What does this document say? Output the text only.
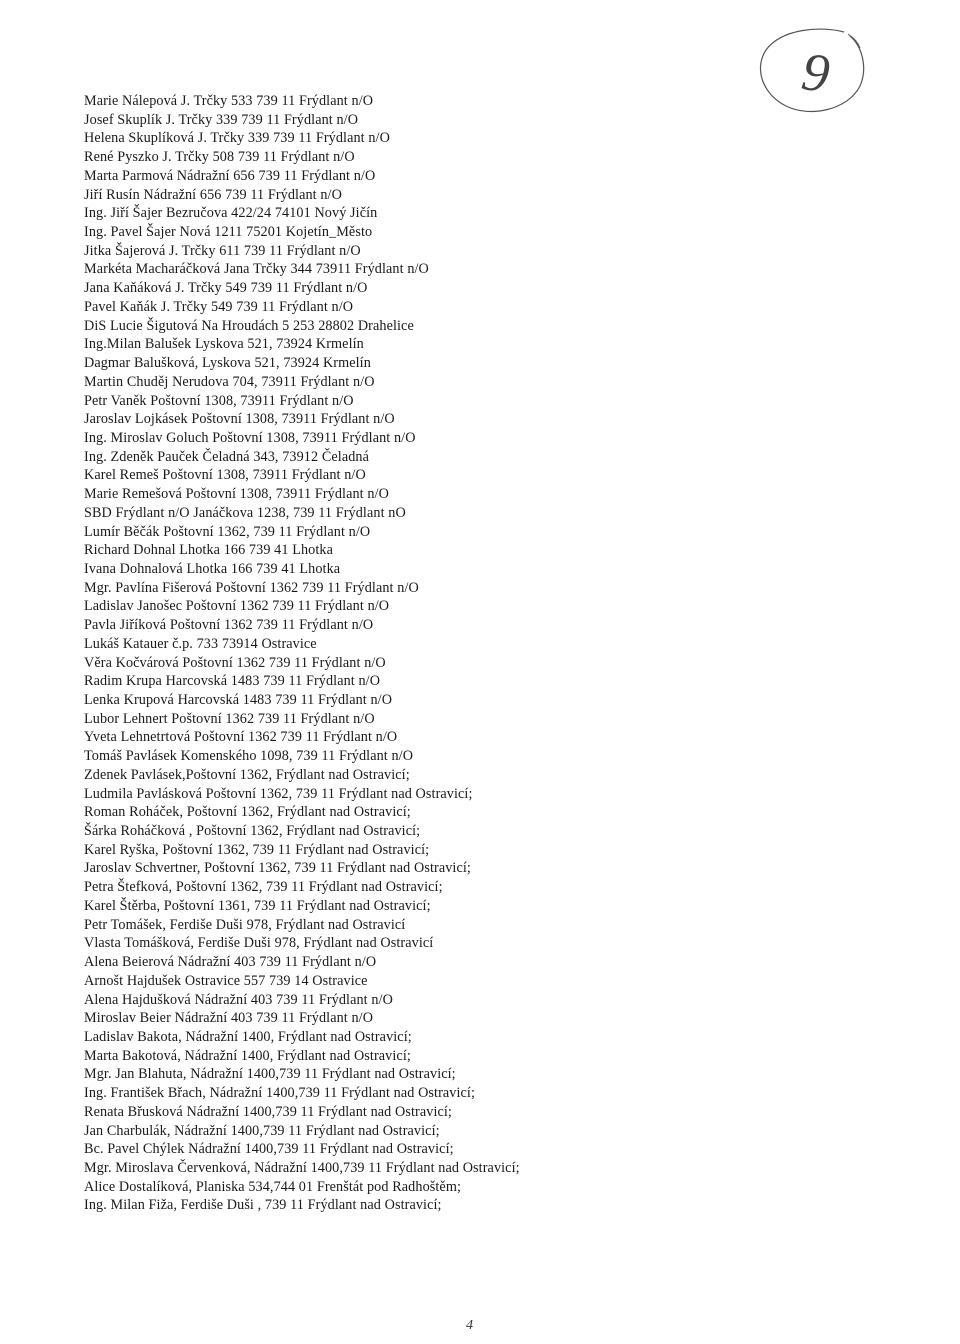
9
Marie Nálepová J. Trčky 533 739 11 Frýdlant n/O
Josef Skuplík J. Trčky 339 739 11 Frýdlant n/O
Helena Skuplíková J. Trčky 339 739 11 Frýdlant n/O
René Pyszko J. Trčky 508 739 11 Frýdlant n/O
Marta Parmová Nádražní 656 739 11 Frýdlant n/O
Jiří Rusín Nádražní 656 739 11 Frýdlant n/O
Ing. Jiří Šajer Bezručova 422/24 74101 Nový Jičín
Ing. Pavel Šajer Nová 1211 75201 Kojetín_Město
Jitka Šajerová J. Trčky 611 739 11 Frýdlant n/O
Markéta Macharáčková Jana Trčky 344 73911 Frýdlant n/O
Jana Kaňáková J. Trčky 549 739 11 Frýdlant n/O
Pavel Kaňák J. Trčky 549 739 11 Frýdlant n/O
DiS Lucie Šigutová Na Hroudách 5 253 28802 Drahelice
Ing.Milan Balušek Lyskova 521, 73924 Krmelín
Dagmar Balušková, Lyskova 521, 73924 Krmelín
Martin Chuděj Nerudova 704, 73911 Frýdlant n/O
Petr Vaněk Poštovní 1308, 73911 Frýdlant n/O
Jaroslav Lojkásek Poštovní 1308, 73911 Frýdlant n/O
Ing. Miroslav Goluch Poštovní 1308, 73911 Frýdlant n/O
Ing. Zdeněk Pauček Čeladná 343, 73912 Čeladná
Karel Remeš Poštovní 1308, 73911 Frýdlant n/O
Marie Remešová Poštovní 1308, 73911 Frýdlant n/O
SBD Frýdlant n/O Janáčkova 1238, 739 11 Frýdlant nO
Lumír Běčák Poštovní 1362, 739 11 Frýdlant n/O
Richard Dohnal Lhotka 166 739 41 Lhotka
Ivana Dohnalová Lhotka 166 739 41 Lhotka
Mgr. Pavlína Fišerová Poštovní 1362 739 11 Frýdlant n/O
Ladislav Janošec Poštovní 1362 739 11 Frýdlant n/O
Pavla Jiříková Poštovní 1362 739 11 Frýdlant n/O
Lukáš Katauer č.p. 733 73914 Ostravice
Věra Kočvárová Poštovní 1362 739 11 Frýdlant n/O
Radim Krupa Harcovská 1483 739 11 Frýdlant n/O
Lenka Krupová Harcovská 1483 739 11 Frýdlant n/O
Lubor Lehnert Poštovní 1362 739 11 Frýdlant n/O
Yveta Lehnetrtová Poštovní 1362 739 11 Frýdlant n/O
Tomáš Pavlásek Komenského 1098, 739 11 Frýdlant n/O
Zdenek Pavlásek,Poštovní 1362, Frýdlant nad Ostravicí;
Ludmila Pavlásková Poštovní 1362, 739 11 Frýdlant nad Ostravicí;
Roman Roháček, Poštovní 1362, Frýdlant nad Ostravicí;
Šárka Roháčková , Poštovní 1362, Frýdlant nad Ostravicí;
Karel Ryška, Poštovní 1362, 739 11 Frýdlant nad Ostravicí;
Jaroslav Schvertner, Poštovní 1362, 739 11 Frýdlant nad Ostravicí;
Petra Štefková, Poštovní 1362, 739 11 Frýdlant nad Ostravicí;
Karel Štěrba, Poštovní 1361, 739 11 Frýdlant nad Ostravicí;
Petr Tomášek, Ferdiše Duši 978, Frýdlant nad Ostravicí
Vlasta Tomášková, Ferdiše Duši 978, Frýdlant nad Ostravicí
Alena Beierová Nádražní 403 739 11 Frýdlant n/O
Arnošt Hajdušek Ostravice 557 739 14 Ostravice
Alena Hajdušková Nádražní 403 739 11 Frýdlant n/O
Miroslav Beier Nádražní 403 739 11 Frýdlant n/O
Ladislav Bakota, Nádražní 1400, Frýdlant nad Ostravicí;
Marta Bakotová, Nádražní 1400, Frýdlant nad Ostravicí;
Mgr. Jan Blahuta, Nádražní 1400,739 11 Frýdlant nad Ostravicí;
Ing. František Břach, Nádražní 1400,739 11 Frýdlant nad Ostravicí;
Renata Břusková Nádražní 1400,739 11 Frýdlant nad Ostravicí;
Jan Charbulák, Nádražní 1400,739 11 Frýdlant nad Ostravicí;
Bc. Pavel Chýlek Nádražní 1400,739 11 Frýdlant nad Ostravicí;
Mgr. Miroslava Červenková, Nádražní 1400,739 11 Frýdlant nad Ostravicí;
Alice Dostalíková, Planiska 534,744 01 Frenštát pod Radhoštěm;
Ing. Milan Fiža, Ferdiše Duši , 739 11 Frýdlant nad Ostravicí;
4
